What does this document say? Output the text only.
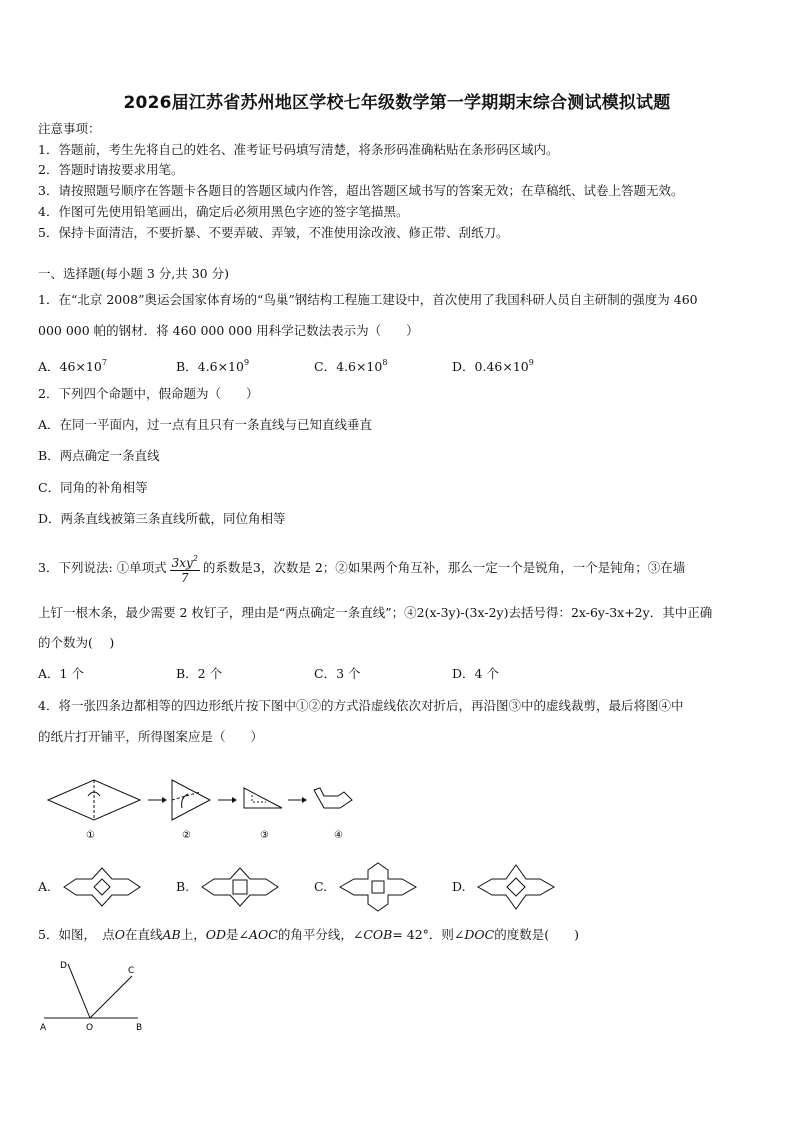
2026届江苏省苏州地区学校七年级数学第一学期期末综合测试模拟试题
注意事项：
1．答题前，考生先将自己的姓名、准考证号码填写清楚，将条形码准确粘贴在条形码区域内。
2．答题时请按要求用笔。
3．请按照题号顺序在答题卡各题目的答题区域内作答，超出答题区域书写的答案无效；在草稿纸、试卷上答题无效。
4．作图可先使用铅笔画出，确定后必须用黑色字迹的签字笔描黑。
5．保持卡面清洁，不要折暴、不要弄破、弄皱，不准使用涂改液、修正带、刮纸刀。
一、选择题(每小题 3 分,共 30 分)
1．在“北京 2008”奥运会国家体育场的“鸟巢”钢结构工程施工建设中，首次使用了我国科研人员自主研制的强度为 460
000 000 帕的钢材．将 460 000 000 用科学记数法表示为（　　）
A．$46\times 10^7$	B．$4.6\times 10^9$	C．$4.6\times 10^8$	D．$0.46\times 10^9$
2．下列四个命题中，假命题为（　　）
A．在同一平面内，过一点有且只有一条直线与已知直线垂直
B．两点确定一条直线
C．同角的补角相等
D．两条直线被第三条直线所截，同位角相等
3．下列说法: ①单项式 $\frac{3xy^2}{7}$ 的系数是3，次数是 2；②如果两个角互补，那么一定一个是锐角，一个是钝角；③在墙
上钉一根木条，最少需要 2 枚钉子，理由是“两点确定一条直线”；④2(x-3y)-(3x-2y)去括号得：2x-6y-3x+2y．其中正确
的个数为(　 )
A．1 个	B．2 个	C．3 个	D．4 个
4．将一张四条边都相等的四边形纸片按下图中①②的方式沿虚线依次对折后，再沿图③中的虚线裁剪，最后将图④中
的纸片打开铺平，所得图案应是（　　）
①	②	③	④
A.	B.	C.	D.
5．如图，　点O在直线AB上，OD是∠AOC的角平分线，∠COB= 42°．则∠DOC的度数是(　　)
A	O	B
C
D
